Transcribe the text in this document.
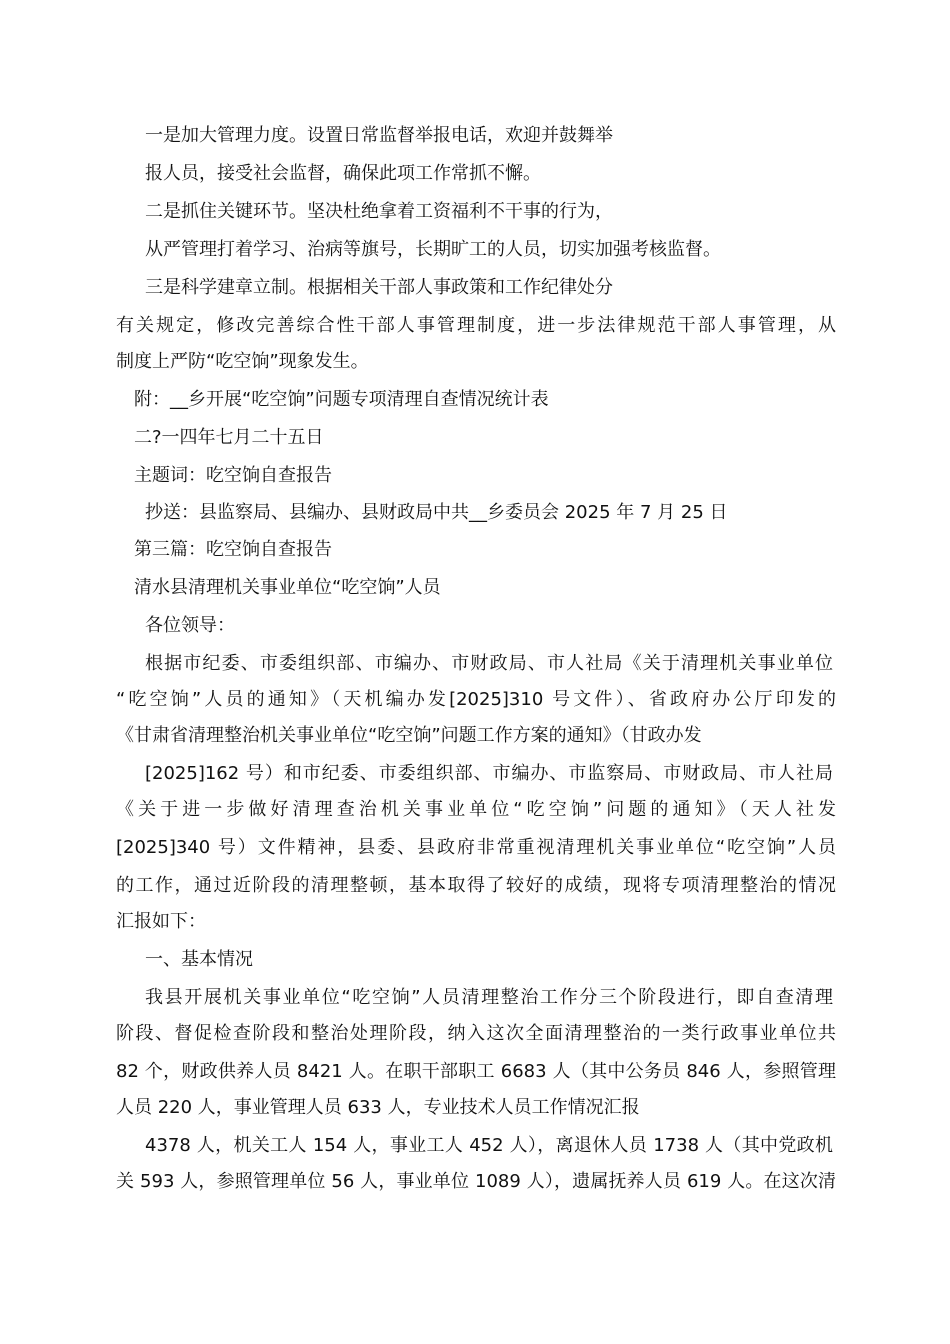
一是加大管理力度。设置日常监督举报电话，欢迎并鼓舞举
报人员，接受社会监督，确保此项工作常抓不懈。
二是抓住关键环节。坚决杜绝拿着工资福利不干事的行为，
从严管理打着学习、治病等旗号，长期旷工的人员，切实加强考核监督。
三是科学建章立制。根据相关干部人事政策和工作纪律处分
有关规定，修改完善综合性干部人事管理制度，进一步法律规范干部人事管理，从
制度上严防“吃空饷”现象发生。
附：__乡开展“吃空饷”问题专项清理自查情况统计表
二?一四年七月二十五日
主题词：吃空饷自查报告
抄送：县监察局、县编办、县财政局中共__乡委员会 2025 年 7 月 25 日
第三篇：吃空饷自查报告
清水县清理机关事业单位“吃空饷”人员
各位领导：
根据市纪委、市委组织部、市编办、市财政局、市人社局《关于清理机关事业单位
“吃空饷”人员的通知》（天机编办发[2025]310 号文件）、省政府办公厅印发的
《甘肃省清理整治机关事业单位“吃空饷”问题工作方案的通知》（甘政办发
[2025]162 号）和市纪委、市委组织部、市编办、市监察局、市财政局、市人社局
《关于进一步做好清理查治机关事业单位“吃空饷”问题的通知》（天人社发
[2025]340 号）文件精神，县委、县政府非常重视清理机关事业单位“吃空饷”人员
的工作，通过近阶段的清理整顿，基本取得了较好的成绩，现将专项清理整治的情况
汇报如下：
一、基本情况
我县开展机关事业单位“吃空饷”人员清理整治工作分三个阶段进行，即自查清理
阶段、督促检查阶段和整治处理阶段，纳入这次全面清理整治的一类行政事业单位共
82 个，财政供养人员 8421 人。在职干部职工 6683 人（其中公务员 846 人，参照管理
人员 220 人，事业管理人员 633 人，专业技术人员工作情况汇报
4378 人，机关工人 154 人，事业工人 452 人），离退休人员 1738 人（其中党政机
关 593 人，参照管理单位 56 人，事业单位 1089 人），遗属抚养人员 619 人。在这次清
